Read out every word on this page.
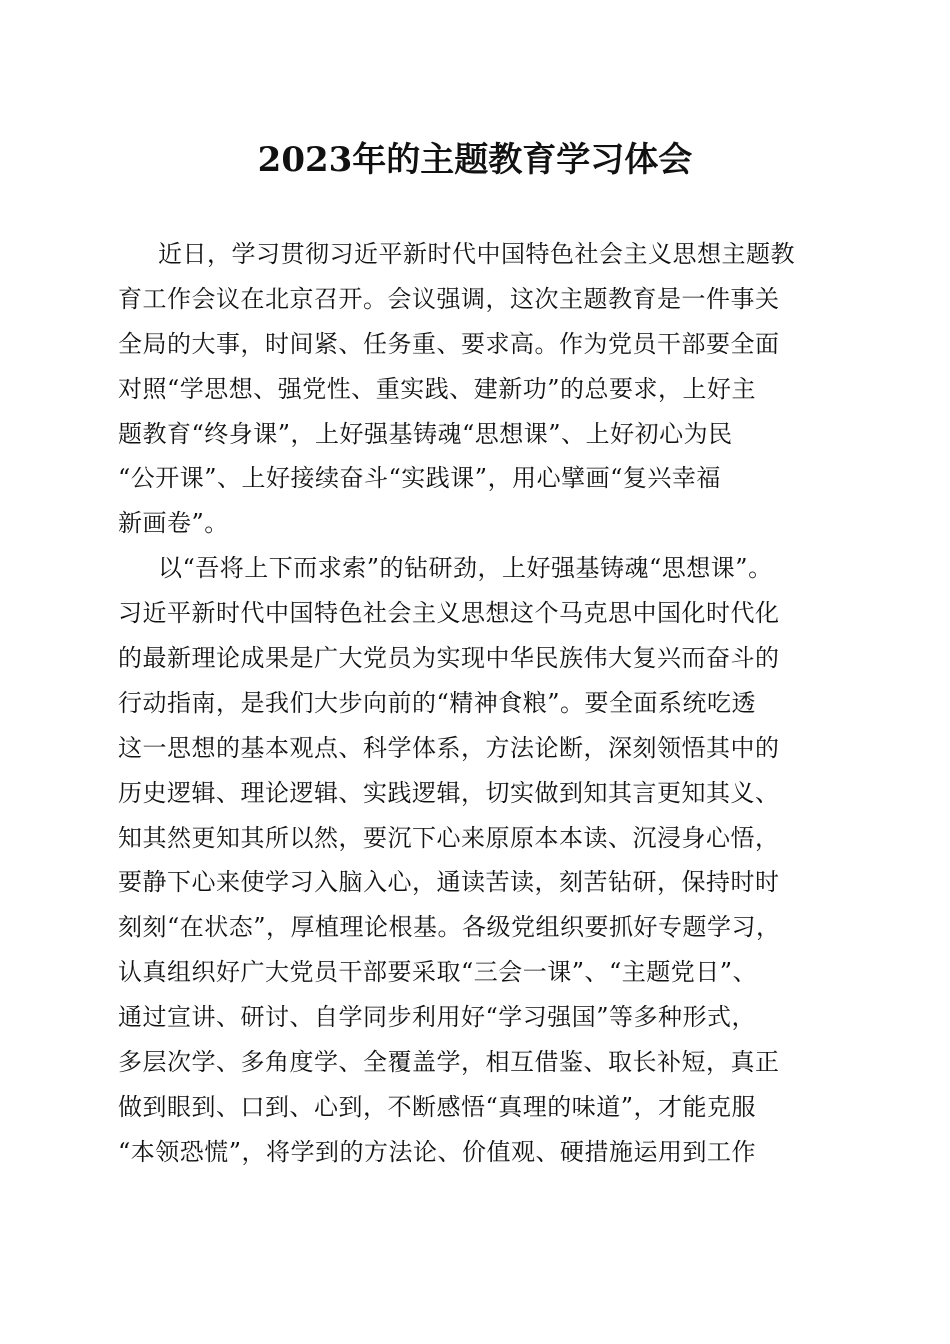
2023年的主题教育学习体会
近日，学习贯彻习近平新时代中国特色社会主义思想主题教
育工作会议在北京召开。会议强调，这次主题教育是一件事关
全局的大事，时间紧、任务重、要求高。作为党员干部要全面
对照“学思想、强党性、重实践、建新功”的总要求，上好主
题教育“终身课”，上好强基铸魂“思想课”、上好初心为民
“公开课”、上好接续奋斗“实践课”，用心擘画“复兴幸福
新画卷”。
以“吾将上下而求索”的钻研劲，上好强基铸魂“思想课”。
习近平新时代中国特色社会主义思想这个马克思中国化时代化
的最新理论成果是广大党员为实现中华民族伟大复兴而奋斗的
行动指南，是我们大步向前的“精神食粮”。要全面系统吃透
这一思想的基本观点、科学体系，方法论断，深刻领悟其中的
历史逻辑、理论逻辑、实践逻辑，切实做到知其言更知其义、
知其然更知其所以然，要沉下心来原原本本读、沉浸身心悟，
要静下心来使学习入脑入心，通读苦读，刻苦钻研，保持时时
刻刻“在状态”，厚植理论根基。各级党组织要抓好专题学习，
认真组织好广大党员干部要采取“三会一课”、“主题党日”、
通过宣讲、研讨、自学同步利用好“学习强国”等多种形式，
多层次学、多角度学、全覆盖学，相互借鉴、取长补短，真正
做到眼到、口到、心到，不断感悟“真理的味道”，才能克服
“本领恐慌”，将学到的方法论、价值观、硬措施运用到工作
